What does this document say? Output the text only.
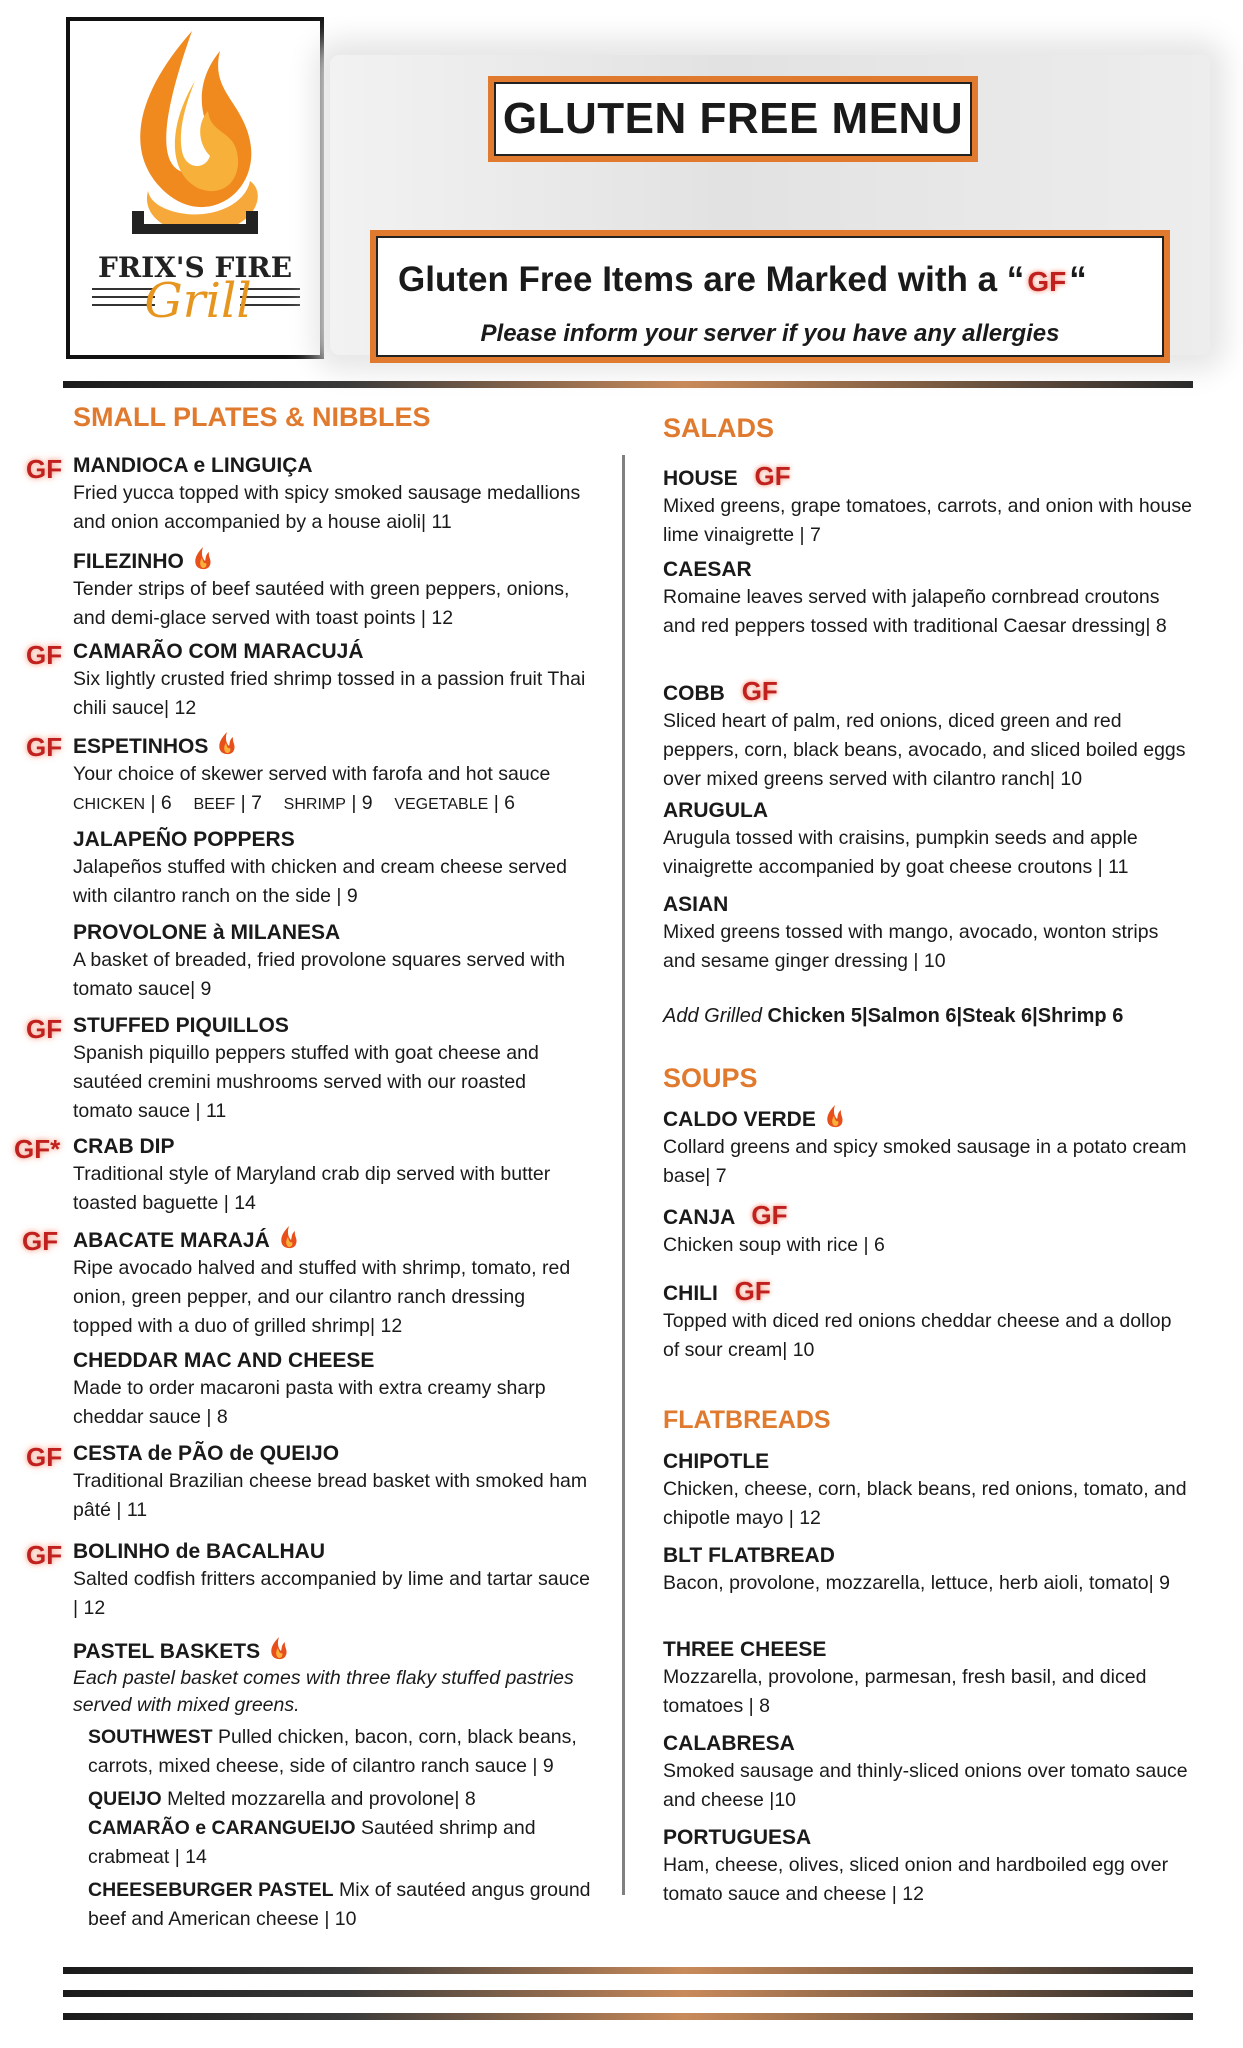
FRIX'S FIRE
Grill
GLUTEN FREE MENU
Gluten Free Items are Marked with a “ GF“
Please inform your server if you have any allergies
SMALL PLATES & NIBBLES
GF MANDIOCA e LINGUIÇA
Fried yucca topped with spicy smoked sausage medallions and onion accompanied by a house aioli| 11
FILEZINHO
Tender strips of beef sautéed with green peppers, onions, and demi-glace served with toast points | 12
GF CAMARÃO COM MARACUJÁ
Six lightly crusted fried shrimp tossed in a passion fruit Thai chili sauce| 12
GF ESPETINHOS
Your choice of skewer served with farofa and hot sauce
CHICKEN | 6 BEEF | 7 SHRIMP | 9 VEGETABLE | 6
JALAPEÑO POPPERS
Jalapeños stuffed with chicken and cream cheese served with cilantro ranch on the side | 9
PROVOLONE à MILANESA
A basket of breaded, fried provolone squares served with tomato sauce| 9
GF STUFFED PIQUILLOS
Spanish piquillo peppers stuffed with goat cheese and sautéed cremini mushrooms served with our roasted tomato sauce | 11
GF* CRAB DIP
Traditional style of Maryland crab dip served with butter toasted baguette | 14
GF ABACATE MARAJÁ
Ripe avocado halved and stuffed with shrimp, tomato, red onion, green pepper, and our cilantro ranch dressing topped with a duo of grilled shrimp| 12
CHEDDAR MAC AND CHEESE
Made to order macaroni pasta with extra creamy sharp cheddar sauce | 8
GF CESTA de PÃO de QUEIJO
Traditional Brazilian cheese bread basket with smoked ham pâté | 11
GF BOLINHO de BACALHAU
Salted codfish fritters accompanied by lime and tartar sauce | 12
PASTEL BASKETS
Each pastel basket comes with three flaky stuffed pastries served with mixed greens.
SOUTHWEST Pulled chicken, bacon, corn, black beans, carrots, mixed cheese, side of cilantro ranch sauce | 9
QUEIJO Melted mozzarella and provolone| 8
CAMARÃO e CARANGUEIJO Sautéed shrimp and crabmeat | 14
CHEESEBURGER PASTEL Mix of sautéed angus ground beef and American cheese | 10
SALADS
HOUSE GF
Mixed greens, grape tomatoes, carrots, and onion with house lime vinaigrette | 7
CAESAR
Romaine leaves served with jalapeño cornbread croutons and red peppers tossed with traditional Caesar dressing| 8
COBB GF
Sliced heart of palm, red onions, diced green and red peppers, corn, black beans, avocado, and sliced boiled eggs over mixed greens served with cilantro ranch| 10
ARUGULA
Arugula tossed with craisins, pumpkin seeds and apple vinaigrette accompanied by goat cheese croutons | 11
ASIAN
Mixed greens tossed with mango, avocado, wonton strips and sesame ginger dressing | 10
Add Grilled Chicken 5|Salmon 6|Steak 6|Shrimp 6
SOUPS
CALDO VERDE
Collard greens and spicy smoked sausage in a potato cream base| 7
CANJA GF
Chicken soup with rice | 6
CHILI GF
Topped with diced red onions cheddar cheese and a dollop of sour cream| 10
FLATBREADS
CHIPOTLE
Chicken, cheese, corn, black beans, red onions, tomato, and chipotle mayo | 12
BLT FLATBREAD
Bacon, provolone, mozzarella, lettuce, herb aioli, tomato| 9
THREE CHEESE
Mozzarella, provolone, parmesan, fresh basil, and diced tomatoes | 8
CALABRESA
Smoked sausage and thinly-sliced onions over tomato sauce and cheese |10
PORTUGUESA
Ham, cheese, olives, sliced onion and hardboiled egg over tomato sauce and cheese | 12
